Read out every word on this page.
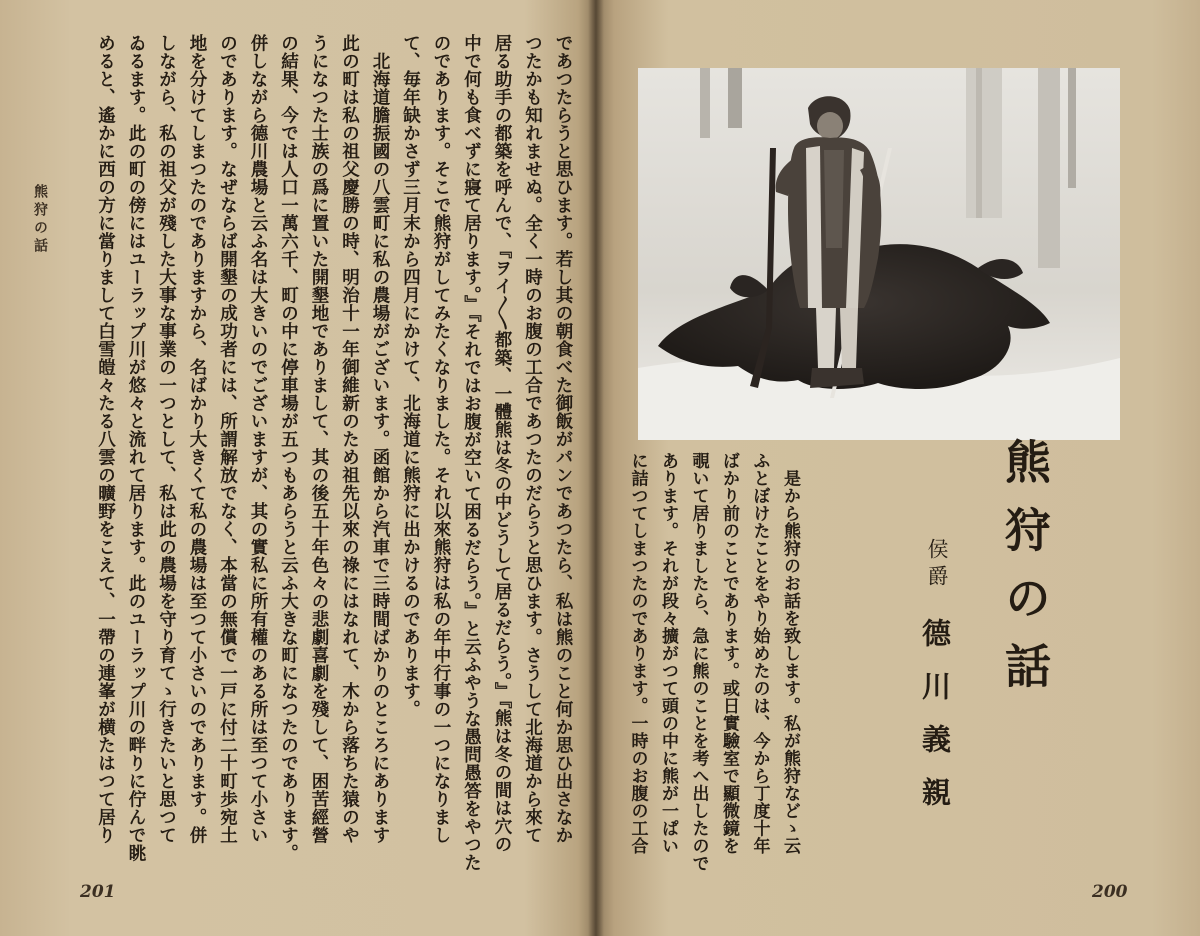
熊狩の話	であつたらうと思ひます。若し其の朝食べた御飯がパンであつたら、私は熊のこと何か思ひ出さなか
つたかも知れませぬ。全く一時のお腹の工合であつたのだらうと思ひます。さうして北海道から來て
居る助手の都築を呼んで、『ヲイ〳〵都築、一體熊は冬の中どうして居るだらう。』『熊は冬の間は穴の
中で何も食べずに寢て居ります。』『それではお腹が空いて困るだらう。』と云ふやうな愚問愚答をやつた
のであります。そこで熊狩がしてみたくなりました。それ以來熊狩は私の年中行事の一つになりまし
て、毎年缺かさず三月末から四月にかけて、北海道に熊狩に出かけるのであります。
　北海道膽振國の八雲町に私の農場がございます。函館から汽車で三時間ばかりのところにあります
此の町は私の祖父慶勝の時、明治十一年御維新のため祖先以來の祿にはなれて、木から落ちた猿のや
うになつた士族の爲に置いた開墾地でありまして、其の後五十年色々の悲劇喜劇を殘して、困苦經營
の結果、今では人口一萬六千、町の中に停車場が五つもあらうと云ふ大きな町になつたのであります。
併しながら德川農場と云ふ名は大きいのでございますが、其の實私に所有權のある所は至つて小さい
のであります。なぜならば開墾の成功者には、所謂解放でなく、本當の無償で一戸に付二十町歩宛土
地を分けてしまつたのでありますから、名ばかり大きくて私の農場は至つて小さいのであります。併
しながら、私の祖父が殘した大事な事業の一つとして、私は此の農場を守り育てゝ行きたいと思つて
ゐるます。此の町の傍にはユーラップ川が悠々と流れて居ります。此のユーラップ川の畔りに佇んで眺
めると、遙かに西の方に當りまして白雪皚々たる八雲の曠野をこえて、一帶の連峯が横たはつて居り
201	200
　是から熊狩のお話を致します。私が熊狩などゝ云
ふとぼけたことをやり始めたのは、今から丁度十年
ばかり前のことであります。或日實驗室で顯微鏡を
覗いて居りましたら、急に熊のことを考へ出したので
あります。それが段々擴がつて頭の中に熊が一ぱい
に詰つてしまつたのであります。一時のお腹の工合	熊狩の話
侯爵
德川義親
